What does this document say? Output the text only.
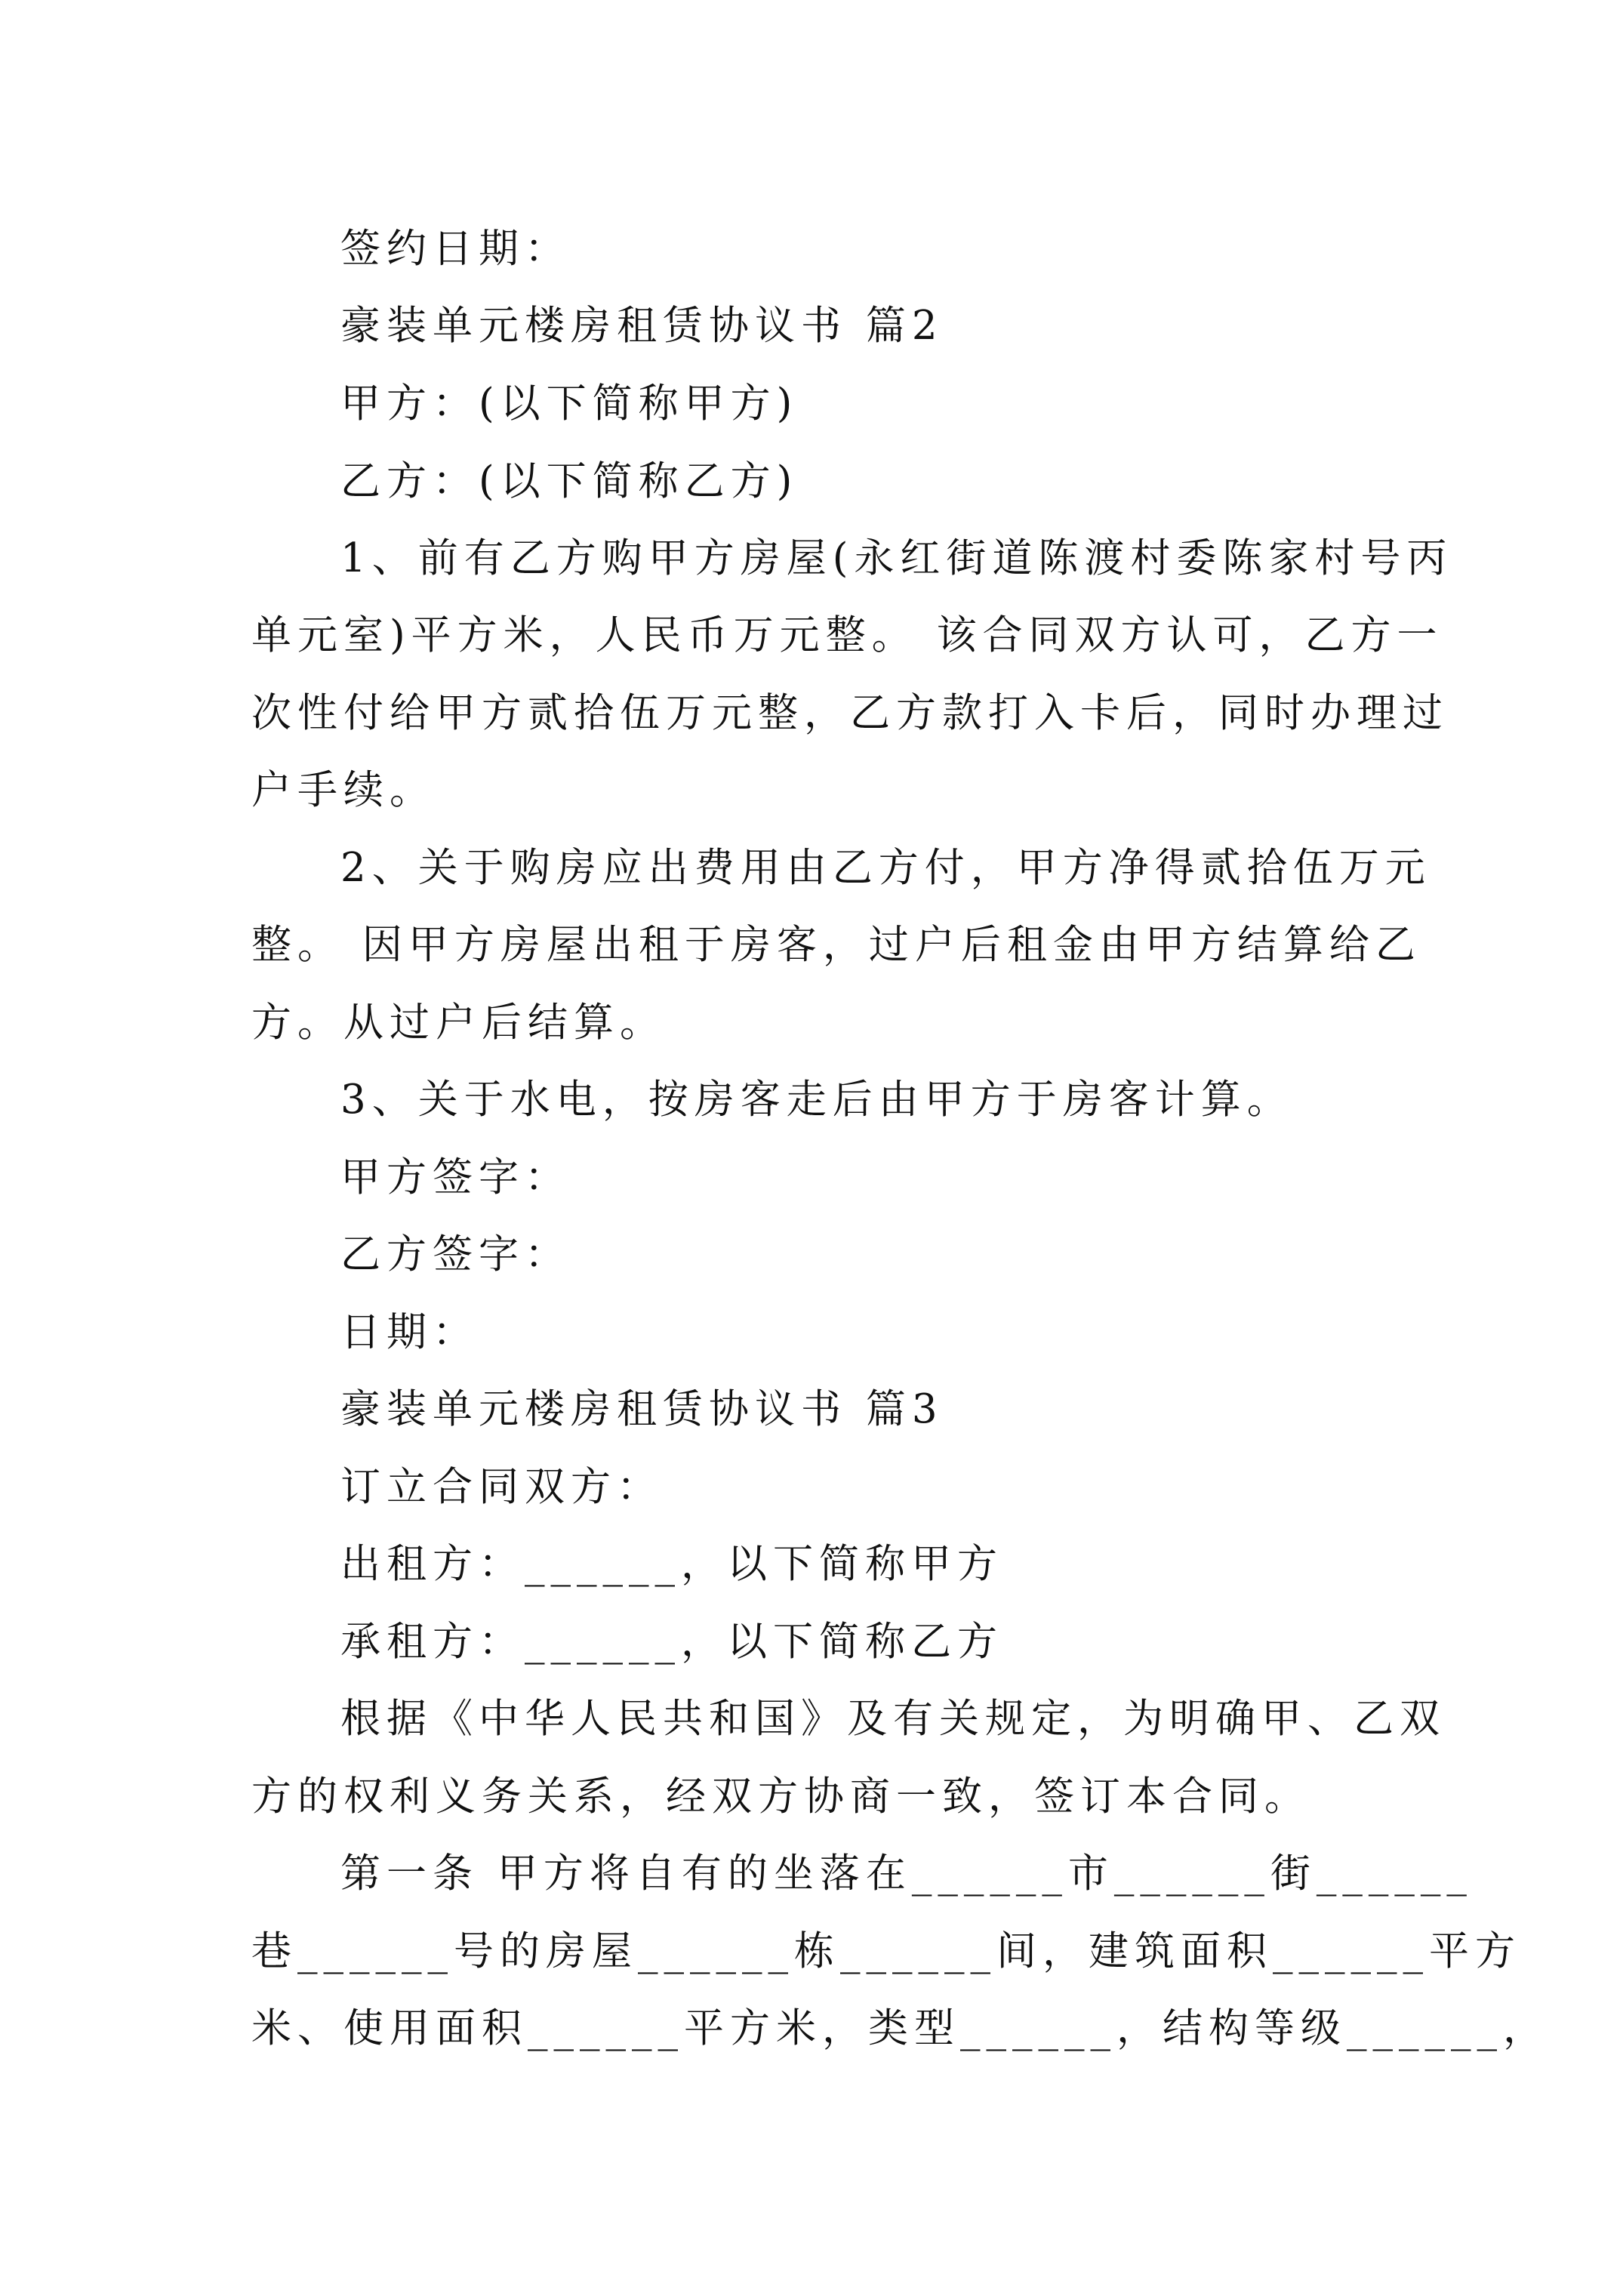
签约日期：

豪装单元楼房租赁协议书 篇2

甲方：(以下简称甲方)

乙方：(以下简称乙方)

1、前有乙方购甲方房屋(永红街道陈渡村委陈家村号丙

单元室)平方米，人民币万元整。 该合同双方认可，乙方一

次性付给甲方贰拾伍万元整，乙方款打入卡后，同时办理过

户手续。

2、关于购房应出费用由乙方付，甲方净得贰拾伍万元

整。 因甲方房屋出租于房客，过户后租金由甲方结算给乙

方。从过户后结算。

3、关于水电，按房客走后由甲方于房客计算。

甲方签字：

乙方签字：

日期：

豪装单元楼房租赁协议书 篇3

订立合同双方：

出租方：______，以下简称甲方

承租方：______，以下简称乙方

根据《中华人民共和国》及有关规定，为明确甲、乙双

方的权利义务关系，经双方协商一致，签订本合同。

第一条 甲方将自有的坐落在______市______街______

巷______号的房屋______栋______间，建筑面积______平方

米、使用面积______平方米，类型______，结构等级______，
